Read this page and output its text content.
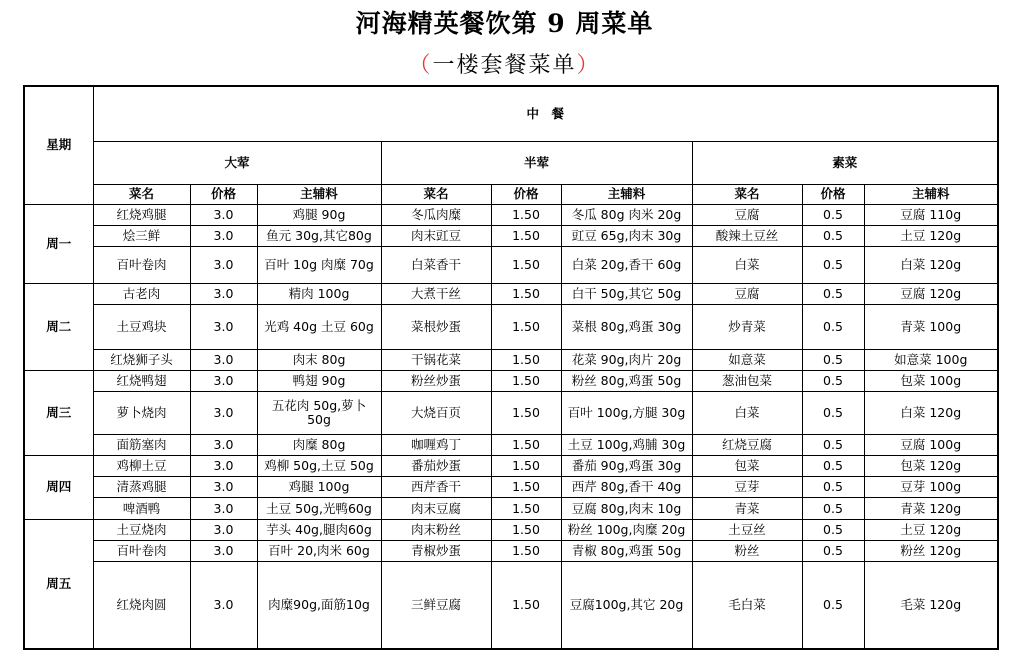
河海精英餐饮第 9 周菜单
（一楼套餐菜单）
星期	中　餐								
	大荤			半荤			素菜		
	菜名	价格	主辅料	菜名	价格	主辅料	菜名	价格	主辅料
周一	红烧鸡腿	3.0	鸡腿 90g	冬瓜肉糜	1.50	冬瓜 80g 肉米 20g	豆腐	0.5	豆腐 110g
	烩三鲜	3.0	鱼元 30g,其它80g	肉末豇豆	1.50	豇豆 65g,肉末 30g	酸辣土豆丝	0.5	土豆 120g
	百叶卷肉	3.0	百叶 10g 肉糜 70g	白菜香干	1.50	白菜 20g,香干 60g	白菜	0.5	白菜 120g
周二	古老肉	3.0	精肉 100g	大煮干丝	1.50	白干 50g,其它 50g	豆腐	0.5	豆腐 120g
	土豆鸡块	3.0	光鸡 40g 土豆 60g	菜根炒蛋	1.50	菜根 80g,鸡蛋 30g	炒青菜	0.5	青菜 100g
	红烧狮子头	3.0	肉末 80g	干锅花菜	1.50	花菜 90g,肉片 20g	如意菜	0.5	如意菜 100g
周三	红烧鸭翅	3.0	鸭翅 90g	粉丝炒蛋	1.50	粉丝 80g,鸡蛋 50g	葱油包菜	0.5	包菜 100g
	萝卜烧肉	3.0	五花肉 50g,萝卜 50g	大烧百页	1.50	百叶 100g,方腿 30g	白菜	0.5	白菜 120g
	面筋塞肉	3.0	肉糜 80g	咖喱鸡丁	1.50	土豆 100g,鸡脯 30g	红烧豆腐	0.5	豆腐 100g
周四	鸡柳土豆	3.0	鸡柳 50g,土豆 50g	番茄炒蛋	1.50	番茄 90g,鸡蛋 30g	包菜	0.5	包菜 120g
	清蒸鸡腿	3.0	鸡腿 100g	西芹香干	1.50	西芹 80g,香干 40g	豆芽	0.5	豆芽 100g
	啤酒鸭	3.0	土豆 50g,光鸭60g	肉末豆腐	1.50	豆腐 80g,肉末 10g	青菜	0.5	青菜 120g
周五	土豆烧肉	3.0	芋头 40g,腿肉60g	肉末粉丝	1.50	粉丝 100g,肉糜 20g	土豆丝	0.5	土豆 120g
	百叶卷肉	3.0	百叶 20,肉米 60g	青椒炒蛋	1.50	青椒 80g,鸡蛋 50g	粉丝	0.5	粉丝 120g
	红烧肉圆	3.0	肉糜90g,面筋10g	三鲜豆腐	1.50	豆腐100g,其它 20g	毛白菜	0.5	毛菜 120g
